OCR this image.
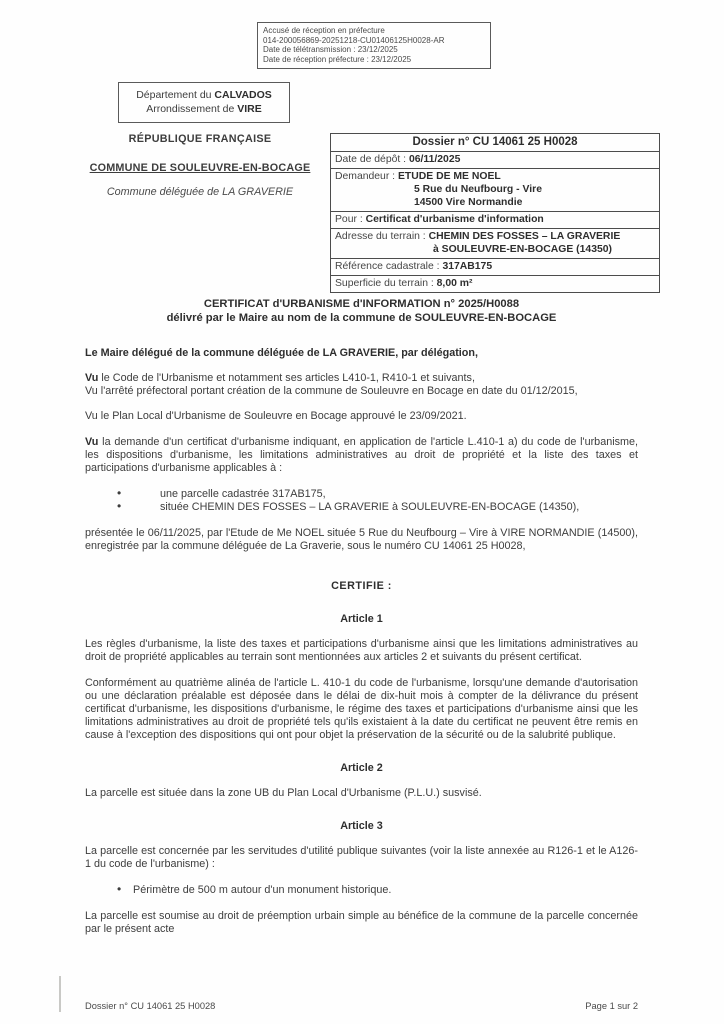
Accusé de réception en préfecture
014-200056869-20251218-CU01406125H0028-AR
Date de télétransmission : 23/12/2025
Date de réception préfecture : 23/12/2025
Département du CALVADOS
Arrondissement de VIRE
RÉPUBLIQUE FRANÇAISE
COMMUNE DE SOULEUVRE-EN-BOCAGE
Commune déléguée de LA GRAVERIE
Dossier n° CU 14061 25 H0028
Date de dépôt : 06/11/2025
Demandeur : ETUDE DE ME NOEL
5 Rue du Neufbourg - Vire
14500 Vire Normandie
Pour : Certificat d'urbanisme d'information
Adresse du terrain : CHEMIN DES FOSSES – LA GRAVERIE
à SOULEUVRE-EN-BOCAGE (14350)
Référence cadastrale : 317AB175
Superficie du terrain : 8,00 m²
CERTIFICAT d'URBANISME d'INFORMATION n° 2025/H0088
délivré par le Maire au nom de la commune de SOULEUVRE-EN-BOCAGE

Le Maire délégué de la commune déléguée de LA GRAVERIE, par délégation,

Vu le Code de l'Urbanisme et notamment ses articles L410-1, R410-1 et suivants,
Vu l'arrêté préfectoral portant création de la commune de Souleuvre en Bocage en date du 01/12/2015,

Vu le Plan Local d'Urbanisme de Souleuvre en Bocage approuvé le 23/09/2021.

Vu la demande d'un certificat d'urbanisme indiquant, en application de l'article L.410-1 a) du code de l'urbanisme, les dispositions d'urbanisme, les limitations administratives au droit de propriété et la liste des taxes et participations d'urbanisme applicables à :

• une parcelle cadastrée 317AB175,
• située CHEMIN DES FOSSES – LA GRAVERIE à SOULEUVRE-EN-BOCAGE (14350),

présentée le 06/11/2025, par l'Etude de Me NOEL située 5 Rue du Neufbourg – Vire à VIRE NORMANDIE (14500), enregistrée par la commune déléguée de La Graverie, sous le numéro CU 14061 25 H0028,

CERTIFIE :

Article 1

Les règles d'urbanisme, la liste des taxes et participations d'urbanisme ainsi que les limitations administratives au droit de propriété applicables au terrain sont mentionnées aux articles 2 et suivants du présent certificat.

Conformément au quatrième alinéa de l'article L. 410-1 du code de l'urbanisme, lorsqu'une demande d'autorisation ou une déclaration préalable est déposée dans le délai de dix-huit mois à compter de la délivrance du présent certificat d'urbanisme, les dispositions d'urbanisme, le régime des taxes et participations d'urbanisme ainsi que les limitations administratives au droit de propriété tels qu'ils existaient à la date du certificat ne peuvent être remis en cause à l'exception des dispositions qui ont pour objet la préservation de la sécurité ou de la salubrité publique.

Article 2

La parcelle est située dans la zone UB du Plan Local d'Urbanisme (P.L.U.) susvisé.

Article 3

La parcelle est concernée par les servitudes d'utilité publique suivantes (voir la liste annexée au R126-1 et le A126-1 du code de l'urbanisme) :

• Périmètre de 500 m autour d'un monument historique.

La parcelle est soumise au droit de préemption urbain simple au bénéfice de la commune de la parcelle concernée par le présent acte

Page 1 sur 2
Dossier n° CU 14061 25 H0028
